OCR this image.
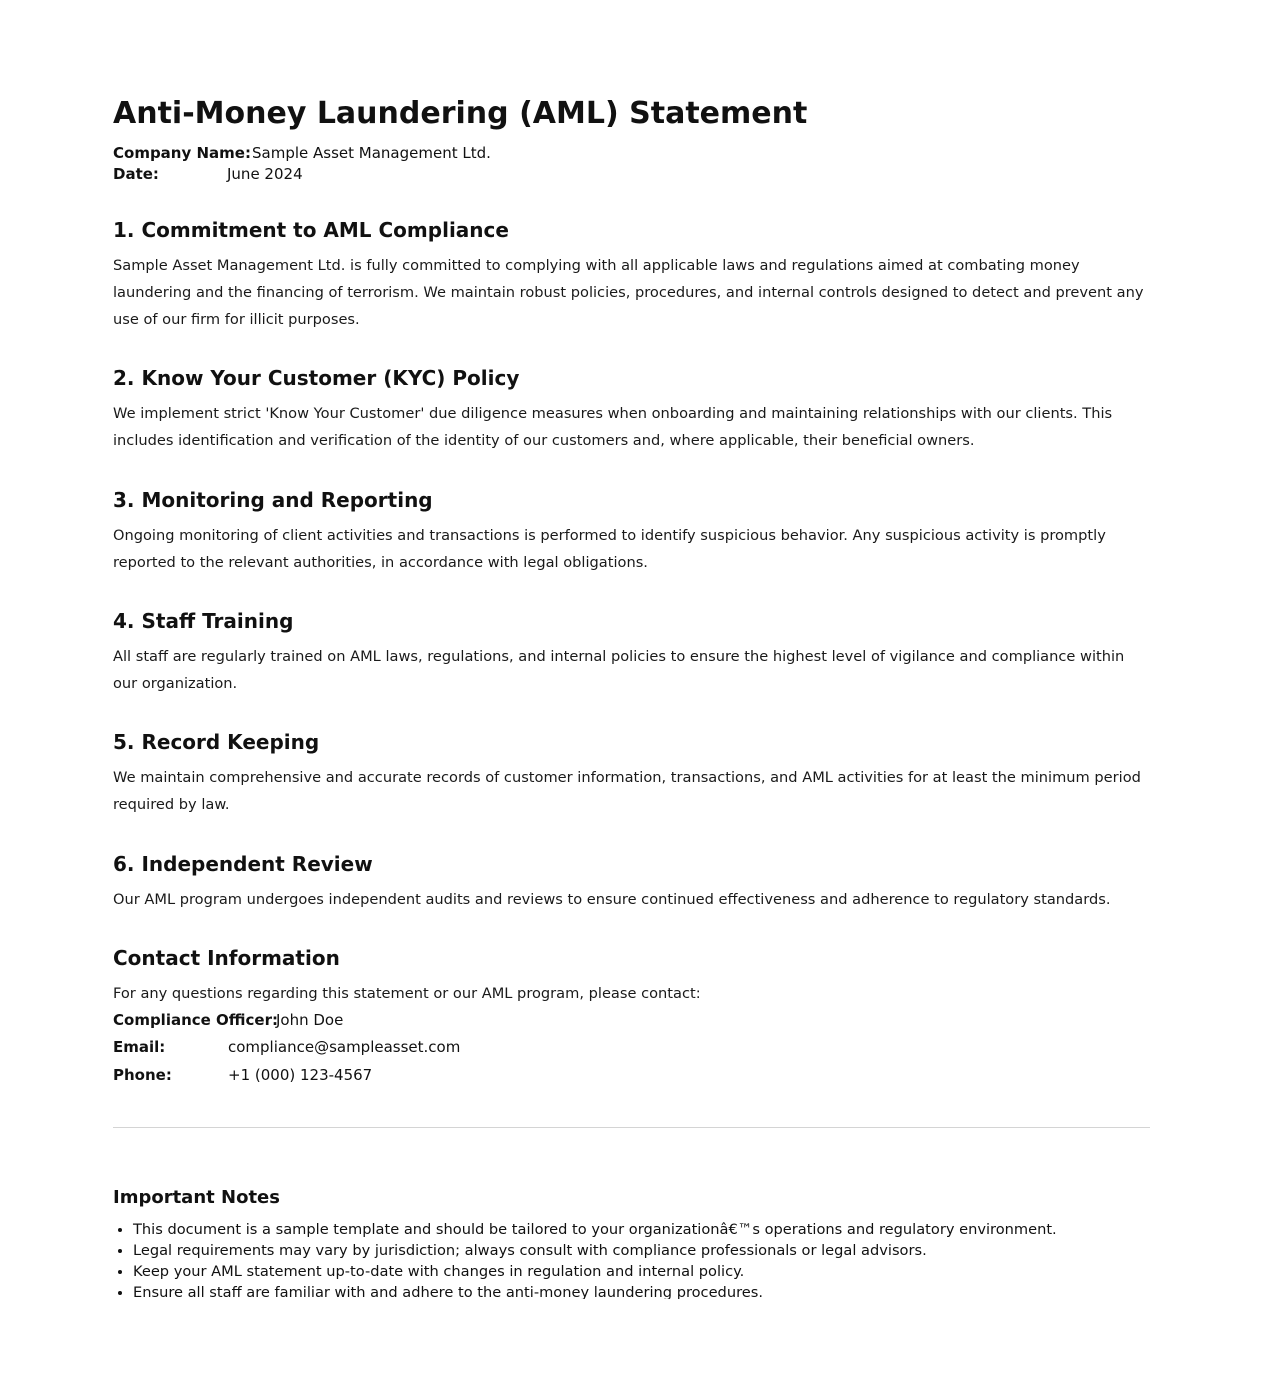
Anti-Money Laundering (AML) Statement
Company Name:Sample Asset Management Ltd.
Date:	June 2024
1. Commitment to AML Compliance

Sample Asset Management Ltd. is fully committed to complying with all applicable laws and regulations aimed at combating money laundering and the financing of terrorism. We maintain robust policies, procedures, and internal controls designed to detect and prevent any use of our firm for illicit purposes.

2. Know Your Customer (KYC) Policy

We implement strict 'Know Your Customer' due diligence measures when onboarding and maintaining relationships with our clients. This includes identification and verification of the identity of our customers and, where applicable, their beneficial owners.

3. Monitoring and Reporting

Ongoing monitoring of client activities and transactions is performed to identify suspicious behavior. Any suspicious activity is promptly reported to the relevant authorities, in accordance with legal obligations.

4. Staff Training

All staff are regularly trained on AML laws, regulations, and internal policies to ensure the highest level of vigilance and compliance within our organization.

5. Record Keeping

We maintain comprehensive and accurate records of customer information, transactions, and AML activities for at least the minimum period required by law.

6. Independent Review

Our AML program undergoes independent audits and reviews to ensure continued effectiveness and adherence to regulatory standards.

Contact Information

For any questions regarding this statement or our AML program, please contact:

Compliance Officer:John Doe
Email:	compliance@sampleasset.com
Phone:	+1 (000) 123-4567
Important Notes
• This document is a sample template and should be tailored to your organizationâ€™s operations and regulatory environment.
• Legal requirements may vary by jurisdiction; always consult with compliance professionals or legal advisors.
• Keep your AML statement up-to-date with changes in regulation and internal policy.
• Ensure all staff are familiar with and adhere to the anti-money laundering procedures.
